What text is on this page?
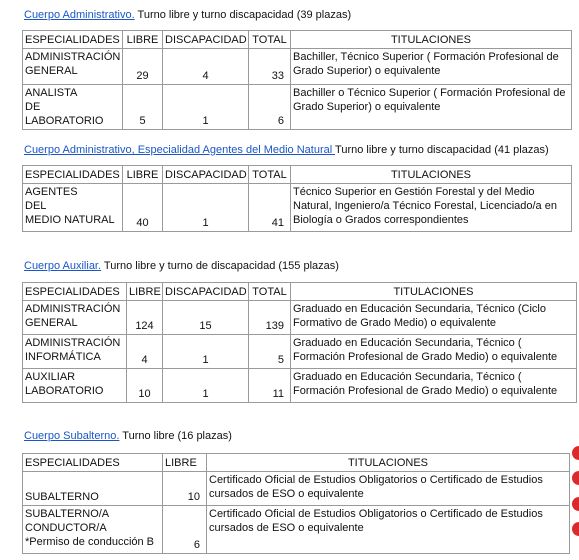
Cuerpo Administrativo. Turno libre y turno discapacidad (39 plazas)
ESPECIALIDADES	LIBRE	DISCAPACIDAD	TOTAL	TITULACIONES
ADMINISTRACIÓN
GENERAL	29	4	33	Bachiller, Técnico Superior ( Formación Profesional de Grado Superior) o equivalente
ANALISTA
DE LABORATORIO	5	1	6	Bachiller o Técnico Superior ( Formación Profesional de Grado Superior) o equivalente
Cuerpo Administrativo, Especialidad Agentes del Medio Natural Turno libre y turno discapacidad (41 plazas)
ESPECIALIDADES	LIBRE	DISCAPACIDAD	TOTAL	TITULACIONES
AGENTES
DEL
MEDIO NATURAL	40	1	41	Técnico Superior en Gestión Forestal y del Medio Natural, Ingeniero/a Técnico Forestal, Licenciado/a en Biología o Grados correspondientes
Cuerpo Auxiliar. Turno libre y turno de discapacidad (155 plazas)
ESPECIALIDADES	LIBRE	DISCAPACIDAD	TOTAL	TITULACIONES
ADMINISTRACIÓN
GENERAL	124	15	139	Graduado en Educación Secundaria, Técnico (Ciclo Formativo de Grado Medio) o equivalente
ADMINISTRACIÓN
INFORMÁTICA	4	1	5	Graduado en Educación Secundaria, Técnico ( Formación Profesional de Grado Medio) o equivalente
AUXILIAR
LABORATORIO	10	1	11	Graduado en Educación Secundaria, Técnico ( Formación Profesional de Grado Medio) o equivalente
Cuerpo Subalterno. Turno libre (16 plazas)
ESPECIALIDADES	LIBRE	TITULACIONES
SUBALTERNO	10	Certificado Oficial de Estudios Obligatorios o Certificado de Estudios cursados de ESO o equivalente
SUBALTERNO/A
CONDUCTOR/A
*Permiso de conducción B	6	Certificado Oficial de Estudios Obligatorios o Certificado de Estudios cursados de ESO o equivalente
